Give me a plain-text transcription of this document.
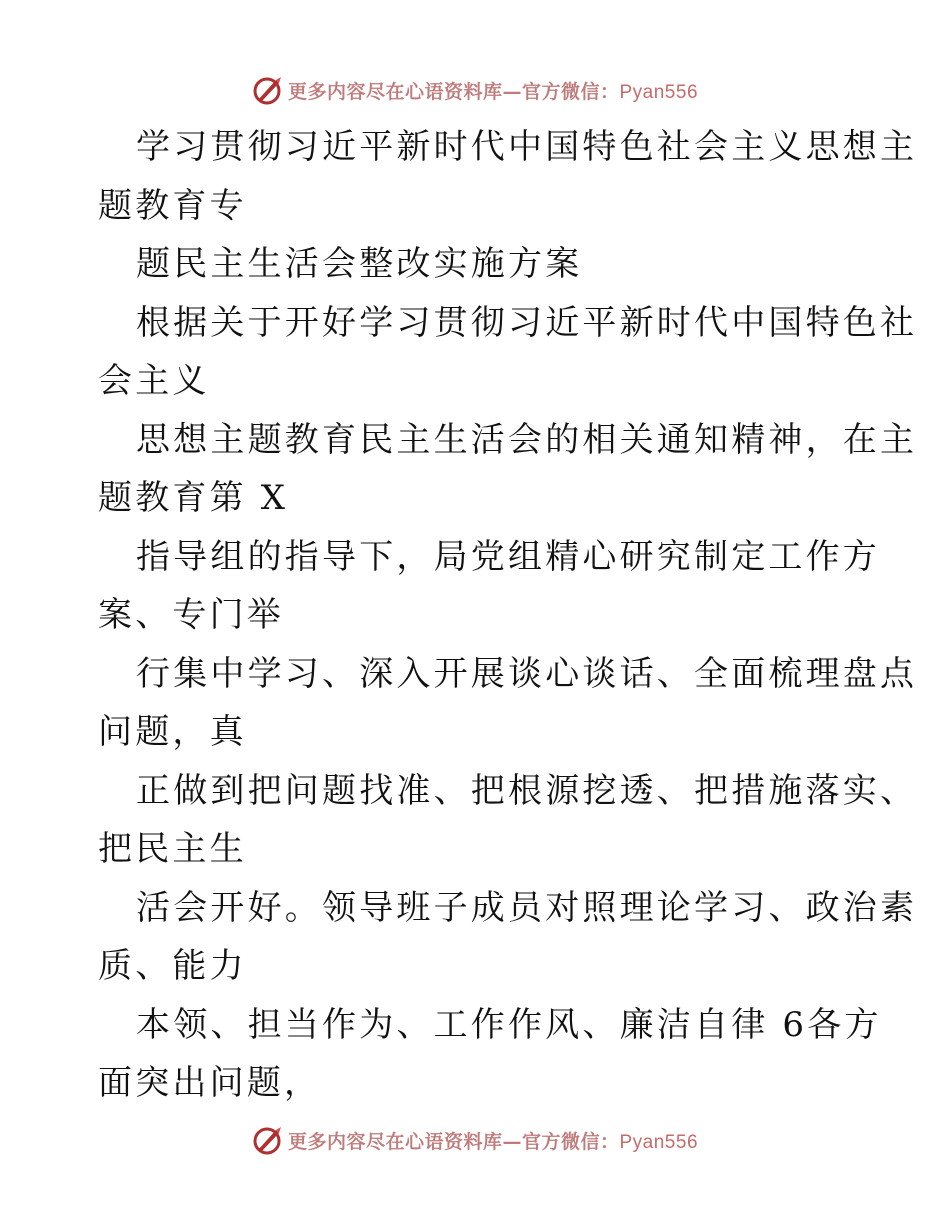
更多内容尽在心语资料库—官方微信：Pyan556
学习贯彻习近平新时代中国特色社会主义思想主
题教育专
题民主生活会整改实施方案
根据关于开好学习贯彻习近平新时代中国特色社
会主义
思想主题教育民主生活会的相关通知精神，在主
题教育第 X
指导组的指导下，局党组精心研究制定工作方
案、专门举
行集中学习、深入开展谈心谈话、全面梳理盘点
问题，真
正做到把问题找准、把根源挖透、把措施落实、
把民主生
活会开好。领导班子成员对照理论学习、政治素
质、能力
本领、担当作为、工作作风、廉洁自律 6各方
面突出问题，
更多内容尽在心语资料库—官方微信：Pyan556
